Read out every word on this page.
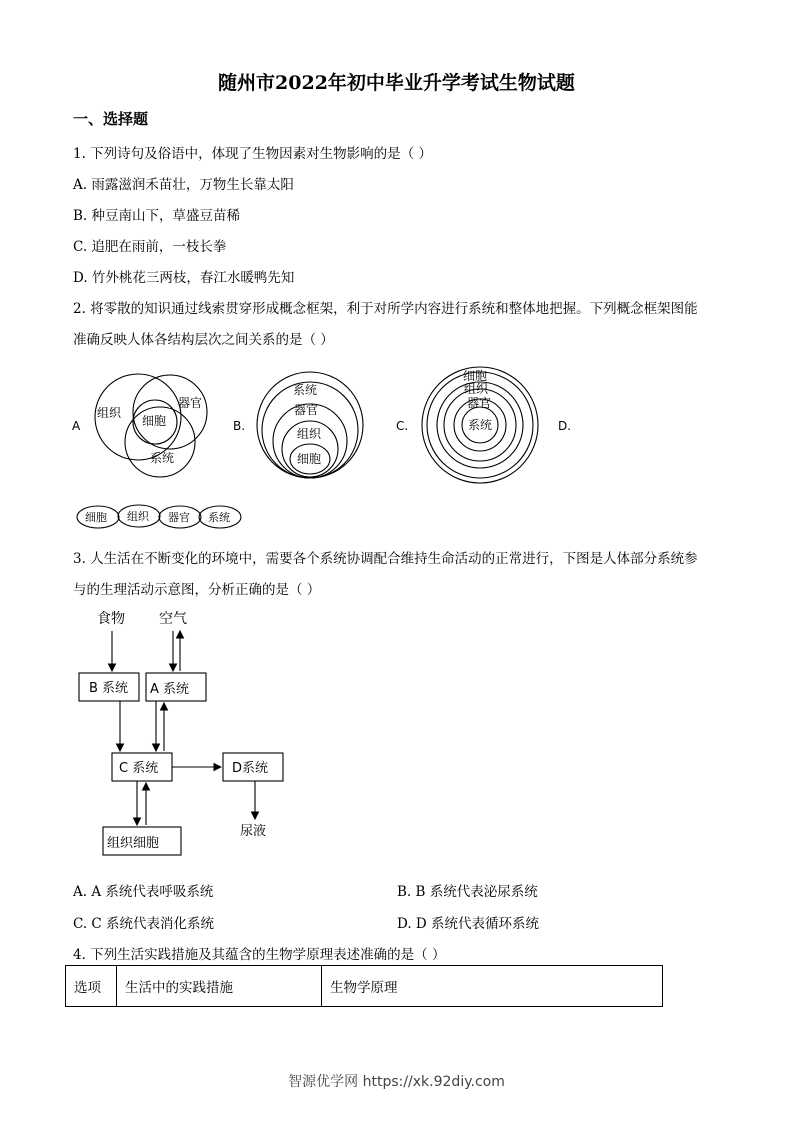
随州市2022年初中毕业升学考试生物试题
一、选择题
1. 下列诗句及俗语中，体现了生物因素对生物影响的是（ ）
A. 雨露滋润禾苗壮，万物生长靠太阳
B. 种豆南山下，草盛豆苗稀
C. 追肥在雨前，一枝长拳
D. 竹外桃花三两枝，春江水暖鸭先知
2. 将零散的知识通过线索贯穿形成概念框架，利于对所学内容进行系统和整体地把握。下列概念框架图能
准确反映人体各结构层次之间关系的是（ ）
A	B.	C.	D.
组织
器官
细胞
系统
系统
器官
组织
细胞
细胞
组织
器官
系统
细胞 组织 器官 系统
3. 人生活在不断变化的环境中，需要各个系统协调配合维持生命活动的正常进行，下图是人体部分系统参
与的生理活动示意图，分析正确的是（ ）
食物 空气
B 系统 A 系统
C 系统	D系统
组织细胞
尿液
A. A 系统代表呼吸系统	B. B 系统代表泌尿系统
C. C 系统代表消化系统	D. D 系统代表循环系统
4. 下列生活实践措施及其蕴含的生物学原理表述准确的是（ ）
选项	生活中的实践措施	生物学原理
智源优学网 https://xk.92diy.com
